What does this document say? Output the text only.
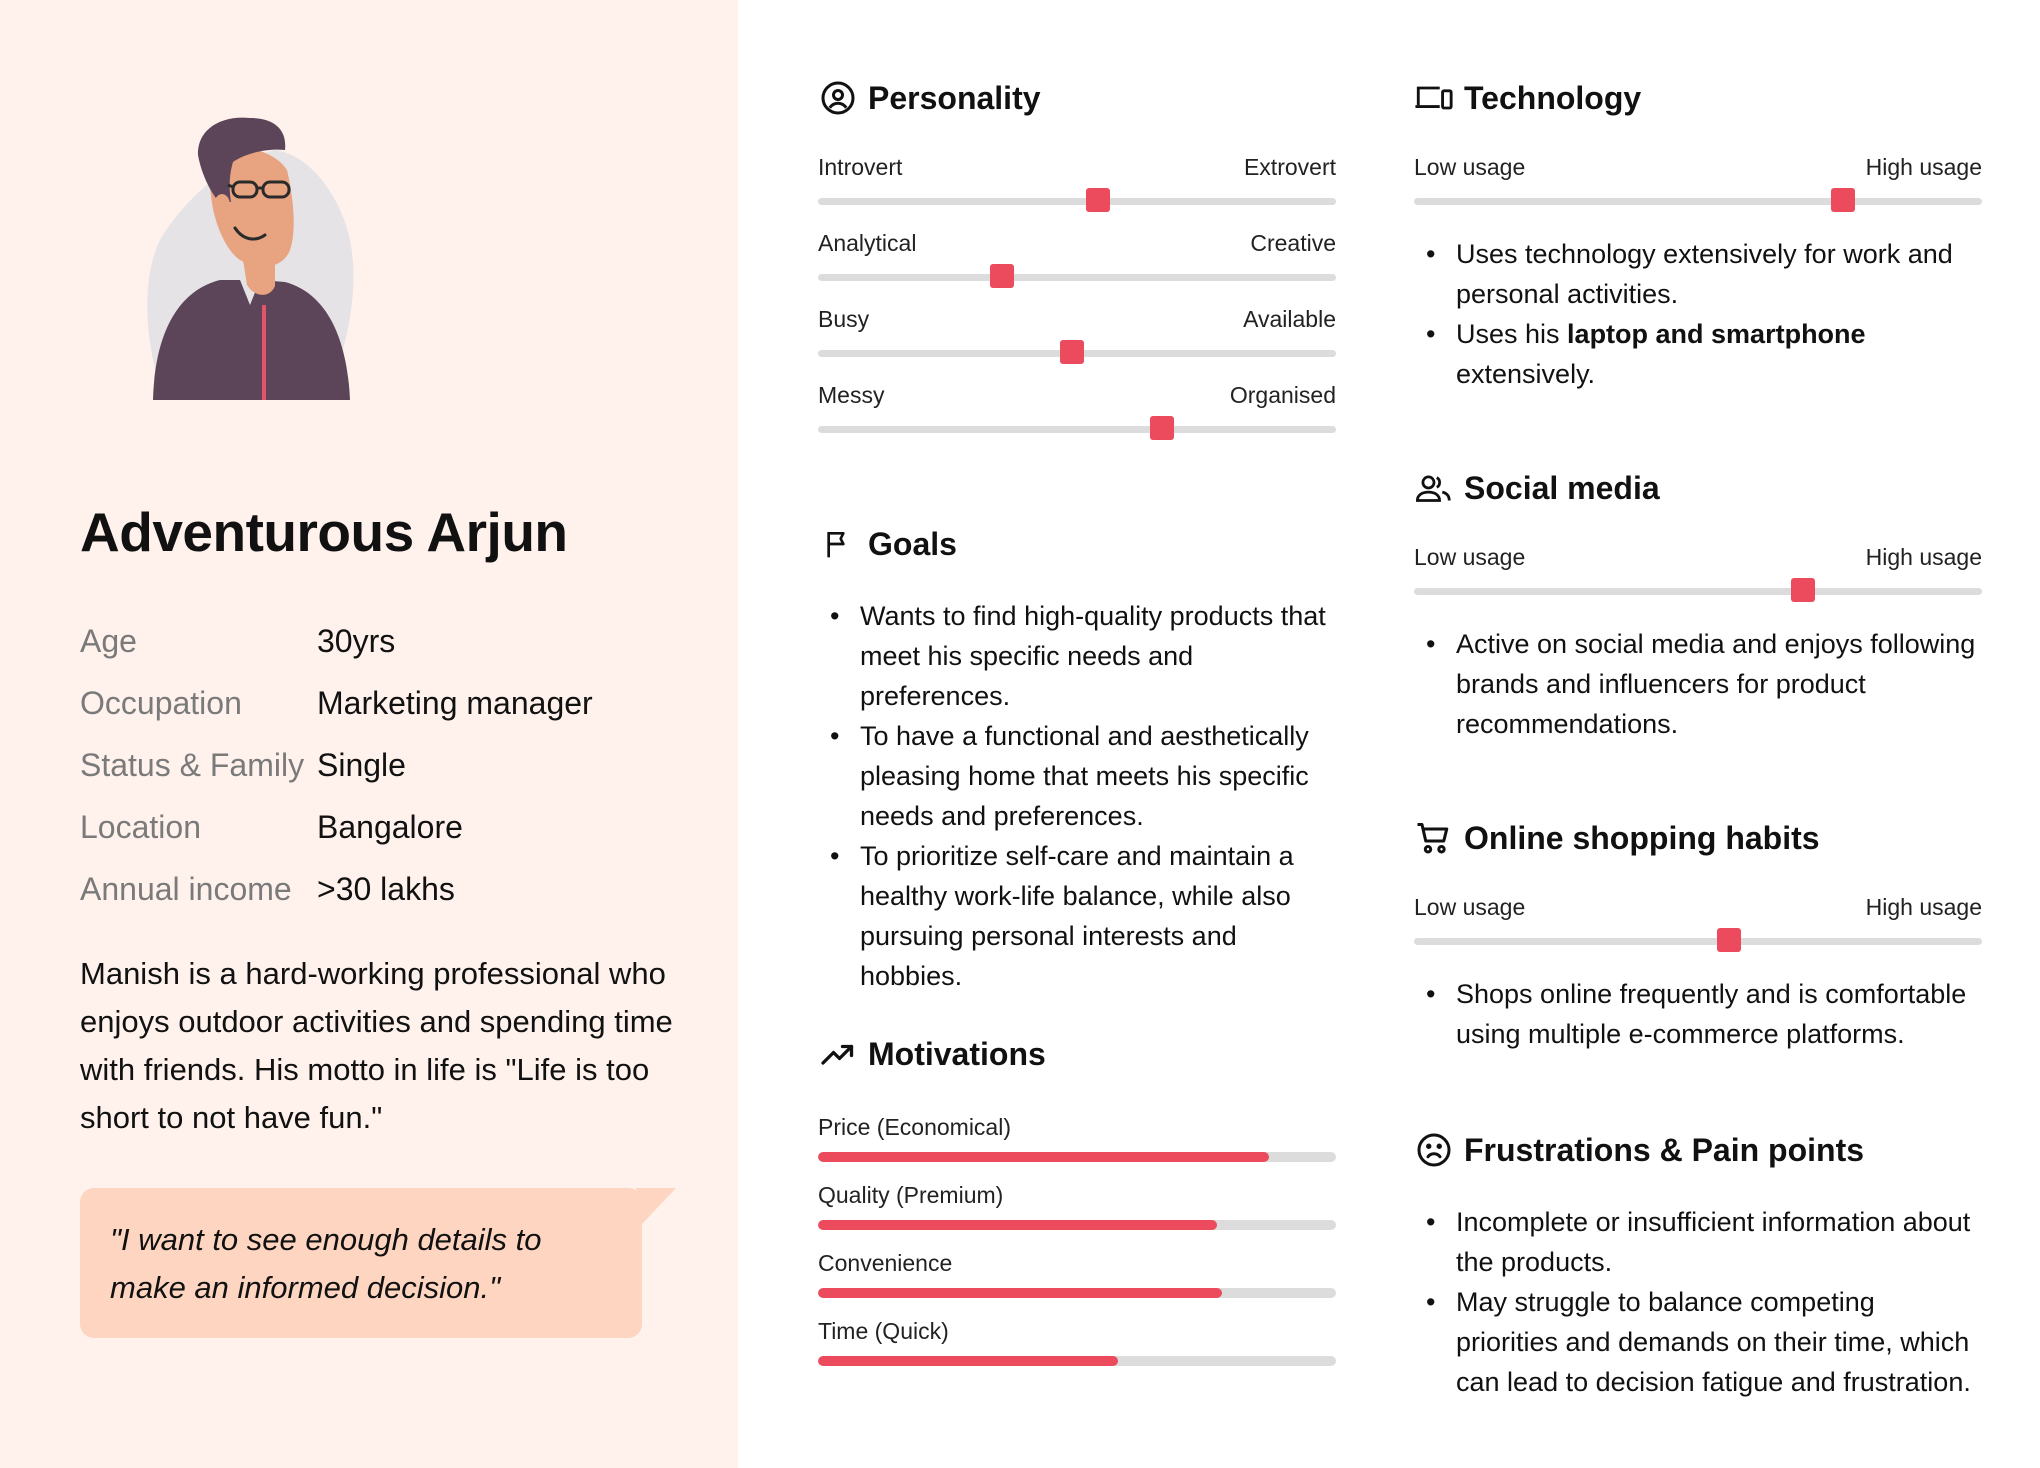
Adventurous Arjun
Age	30yrs
Occupation	Marketing manager
Status & Family Single
Location	Bangalore
Annual income >30 lakhs

Manish is a hard-working professional who enjoys outdoor activities and spending time with friends. His motto in life is "Life is too short to not have fun."

"I want to see enough details to make an informed decision."

Personality
Introvert	Extrovert
Analytical	Creative
Busy	Available
Messy	Organised
Goals
• Wants to find high-quality products that meet his specific needs and preferences.
• To have a functional and aesthetically pleasing home that meets his specific needs and preferences.
• To prioritize self-care and maintain a healthy work-life balance, while also pursuing personal interests and hobbies.
Motivations
Price (Economical)
Quality (Premium)
Convenience
Time (Quick)
Technology
Low usage	High usage
• Uses technology extensively for work and personal activities.
• Uses his laptop and smartphone extensively.
Social media
Low usage	High usage
• Active on social media and enjoys following brands and influencers for product recommendations.
Online shopping habits
Low usage	High usage
• Shops online frequently and is comfortable using multiple e-commerce platforms.
Frustrations & Pain points
• Incomplete or insufficient information about the products.
• May struggle to balance competing priorities and demands on their time, which can lead to decision fatigue and frustration.
